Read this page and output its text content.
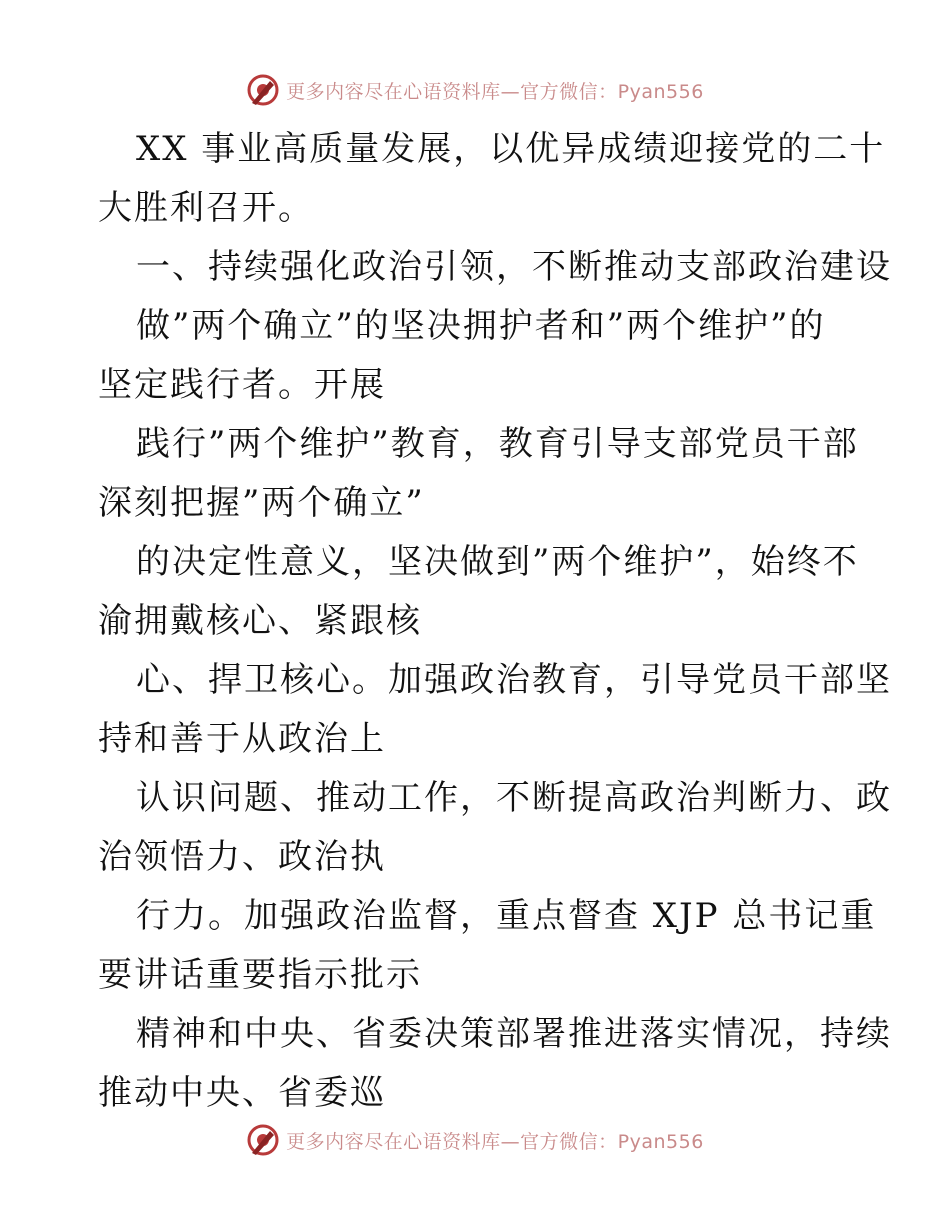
更多内容尽在心语资料库—官方微信：Pyan556

XX 事业高质量发展，以优异成绩迎接党的二十

大胜利召开。

一、持续强化政治引领，不断推动支部政治建设

做”两个确立”的坚决拥护者和”两个维护”的

坚定践行者。开展

践行”两个维护”教育，教育引导支部党员干部

深刻把握”两个确立”

的决定性意义，坚决做到”两个维护”，始终不

渝拥戴核心、紧跟核

心、捍卫核心。加强政治教育，引导党员干部坚

持和善于从政治上

认识问题、推动工作，不断提高政治判断力、政

治领悟力、政治执

行力。加强政治监督，重点督查 XJP 总书记重

要讲话重要指示批示

精神和中央、省委决策部署推进落实情况，持续

推动中央、省委巡

更多内容尽在心语资料库—官方微信：Pyan556
